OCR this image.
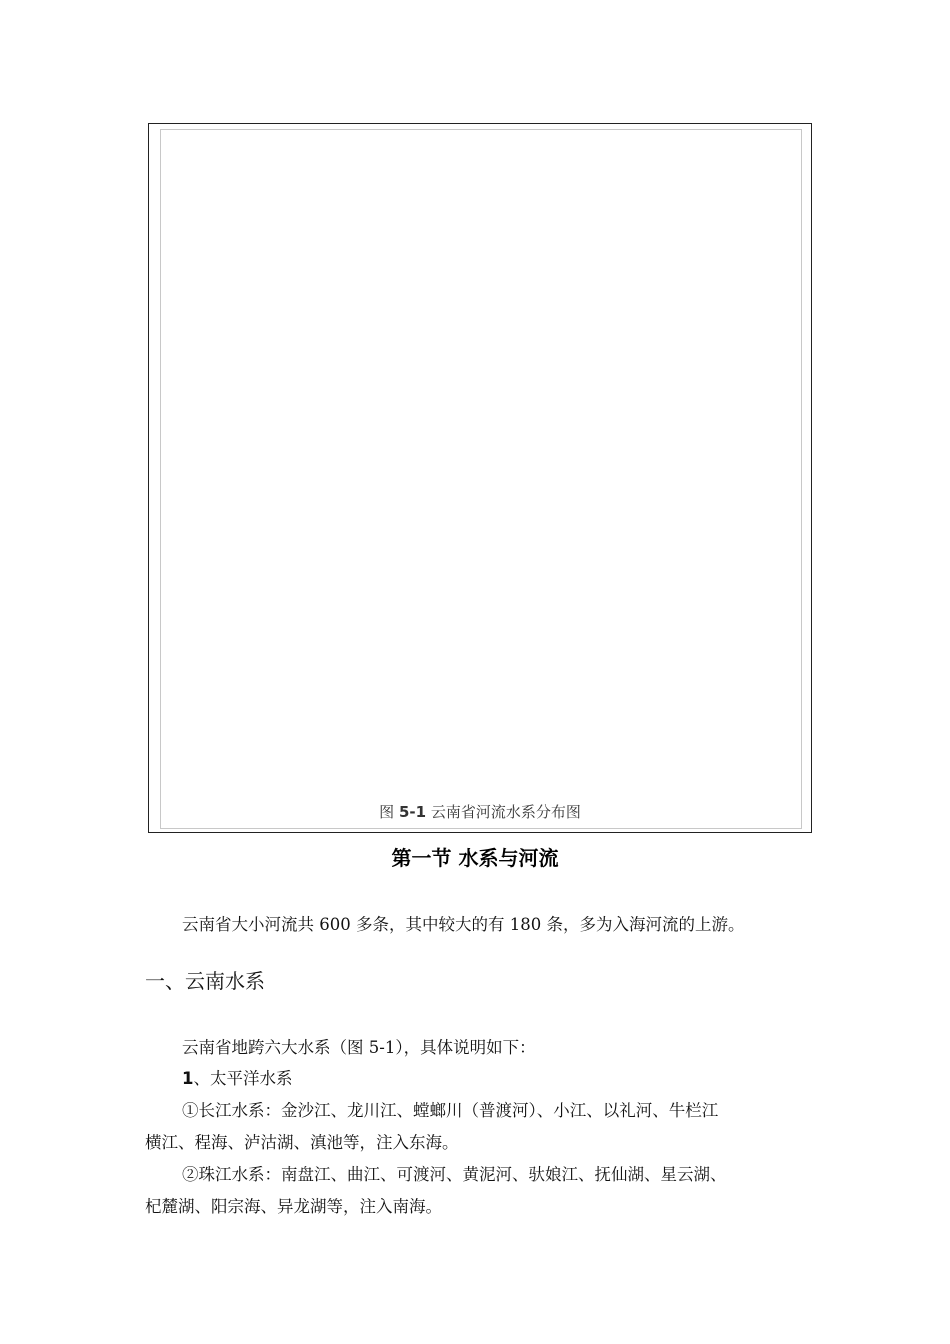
图 5-1 云南省河流水系分布图
第一节 水系与河流
云南省大小河流共 600 多条，其中较大的有 180 条，多为入海河流的上游。
一、云南水系
云南省地跨六大水系（图 5-1），具体说明如下：
1、太平洋水系
①长江水系：金沙江、龙川江、螳螂川（普渡河）、小江、以礼河、牛栏江
横江、程海、泸沽湖、滇池等，注入东海。
②珠江水系：南盘江、曲江、可渡河、黄泥河、驮娘江、抚仙湖、星云湖、
杞麓湖、阳宗海、异龙湖等，注入南海。
